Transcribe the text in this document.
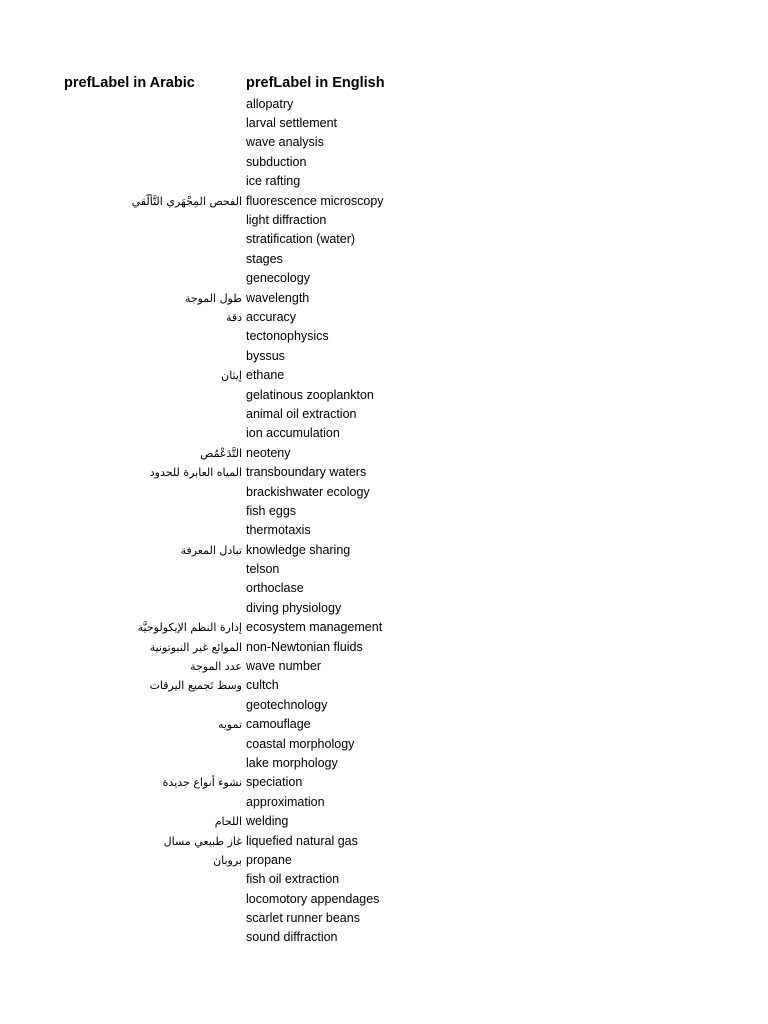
prefLabel in Arabic	prefLabel in English
allopatry
larval settlement
wave analysis
subduction
ice rafting
الفحص المِجْهَري التَّأَلُّقي fluorescence microscopy
light diffraction
stratification (water)
stages
genecology
طول الموجة wavelength
دقة accuracy
tectonophysics
byssus
إيثان ethane
gelatinous zooplankton
animal oil extraction
ion accumulation
التَّدَعْمُص neoteny
المياه العابرة للحدود transboundary waters
brackishwater ecology
fish eggs
thermotaxis
تبادل المعرفة knowledge sharing
telson
orthoclase
diving physiology
إدارة النظم الإيكولوجيَّة ecosystem management
الموائع غير النيوتونية non-Newtonian fluids
عدد الموجة wave number
وسط تَجميع اليرقات cultch
geotechnology
تمويه camouflage
coastal morphology
lake morphology
نشوء أنواع جديدة speciation
approximation
اللحام welding
غاز طبيعي مسال liquefied natural gas
بروبان propane
fish oil extraction
locomotory appendages
scarlet runner beans
sound diffraction
